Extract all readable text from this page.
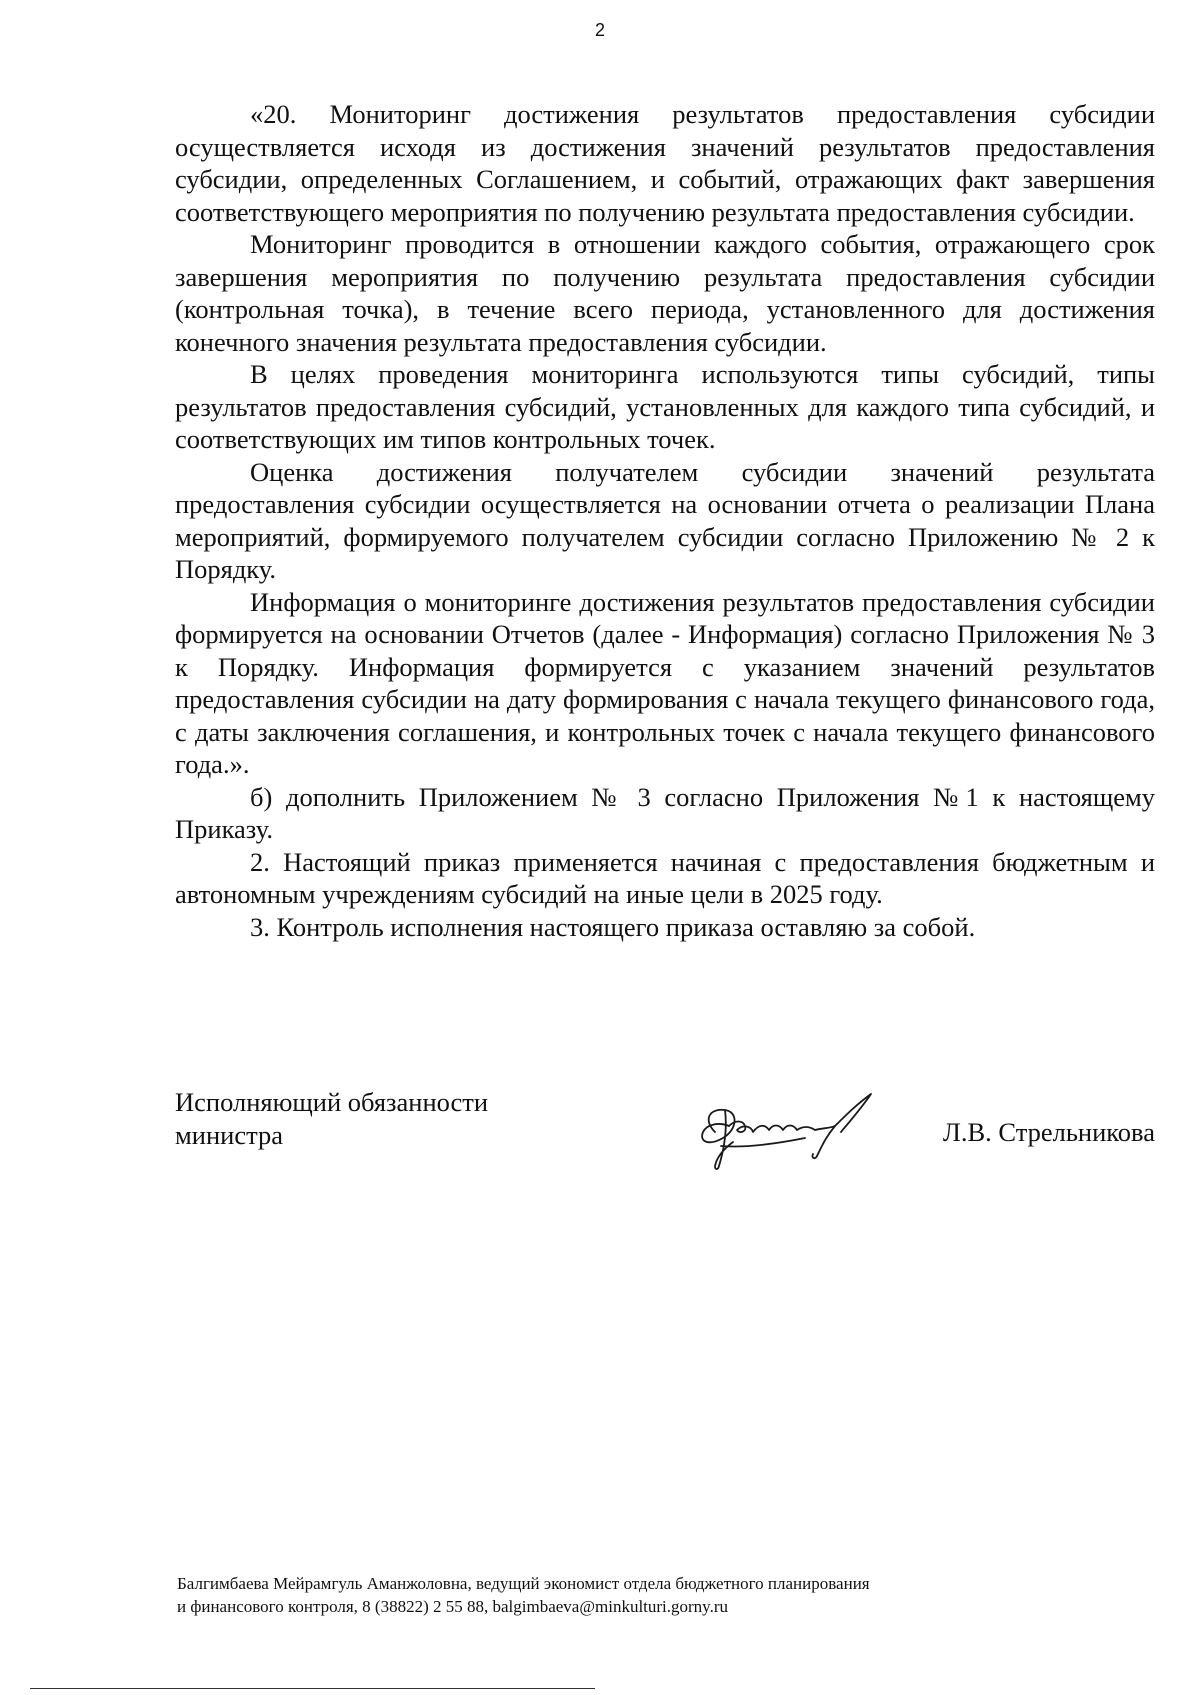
2

«20. Мониторинг достижения результатов предоставления субсидии осуществляется исходя из достижения значений результатов предоставления субсидии, определенных Соглашением, и событий, отражающих факт завершения соответствующего мероприятия по получению результата предоставления субсидии.

Мониторинг проводится в отношении каждого события, отражающего срок завершения мероприятия по получению результата предоставления субсидии (контрольная точка), в течение всего периода, установленного для достижения конечного значения результата предоставления субсидии.

В целях проведения мониторинга используются типы субсидий, типы результатов предоставления субсидий, установленных для каждого типа субсидий, и соответствующих им типов контрольных точек.

Оценка достижения получателем субсидии значений результата предоставления субсидии осуществляется на основании отчета о реализации Плана мероприятий, формируемого получателем субсидии согласно Приложению № 2 к Порядку.

Информация о мониторинге достижения результатов предоставления субсидии формируется на основании Отчетов (далее - Информация) согласно Приложения № 3 к Порядку. Информация формируется с указанием значений результатов предоставления субсидии на дату формирования с начала текущего финансового года, с даты заключения соглашения, и контрольных точек с начала текущего финансового года.».

б) дополнить Приложением № 3 согласно Приложения №1 к настоящему Приказу.

2. Настоящий приказ применяется начиная с предоставления бюджетным и автономным учреждениям субсидий на иные цели в 2025 году.

3. Контроль исполнения настоящего приказа оставляю за собой.

Исполняющий обязанности
министра	Л.В. Стрельникова
Балгимбаева Мейрамгуль Аманжоловна, ведущий экономист отдела бюджетного планирования
и финансового контроля, 8 (38822) 2 55 88, balgimbaeva@minkulturi.gorny.ru
